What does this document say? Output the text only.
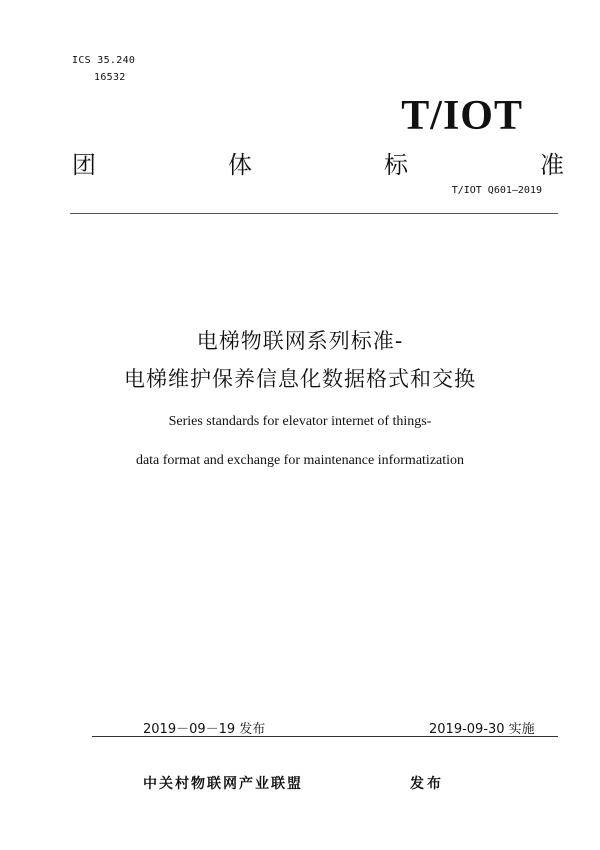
ICS 35.240
16532
T/IOT
团	体	标	准
T/IOT Q601—2019
电梯物联网系列标准-
电梯维护保养信息化数据格式和交换
Series standards for elevator internet of things-
data format and exchange for maintenance informatization
2019－09－19 发布	2019-09-30 实施
中关村物联网产业联盟	发布
